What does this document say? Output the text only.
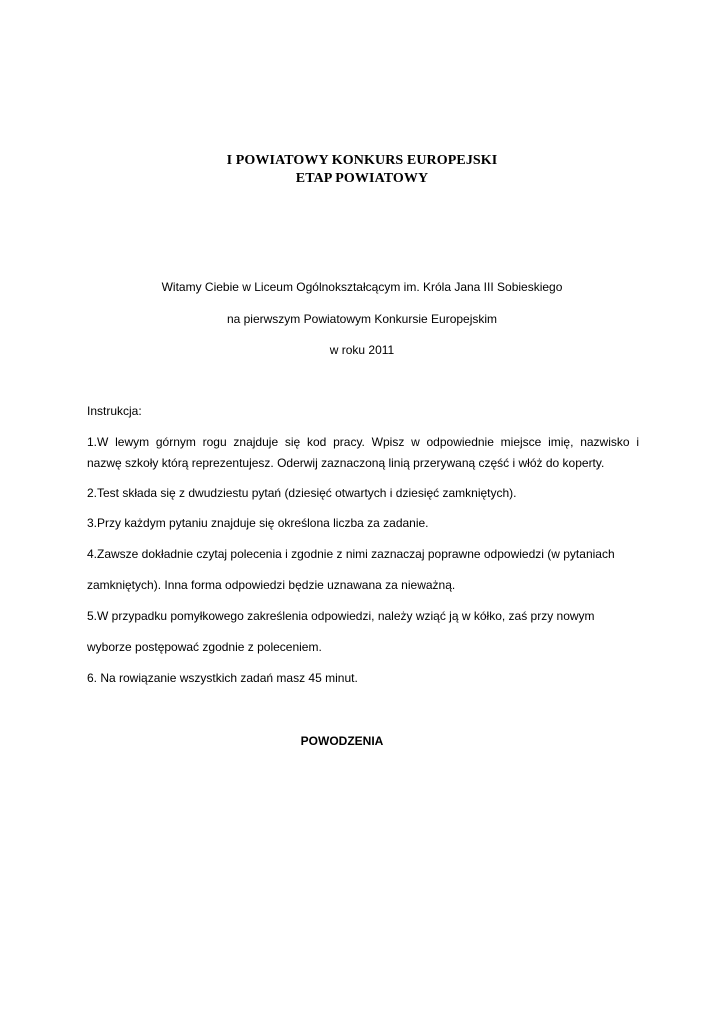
I POWIATOWY KONKURS EUROPEJSKI
ETAP POWIATOWY
Witamy Ciebie w Liceum Ogólnokształcącym im. Króla Jana III Sobieskiego
na pierwszym Powiatowym Konkursie Europejskim
w roku 2011
Instrukcja:
1.W lewym górnym rogu znajduje się kod pracy. Wpisz w odpowiednie miejsce imię, nazwisko i
nazwę szkoły którą reprezentujesz. Oderwij zaznaczoną linią przerywaną część i włóż do koperty.
2.Test składa się z dwudziestu pytań (dziesięć otwartych i dziesięć zamkniętych).
3.Przy każdym pytaniu znajduje się określona liczba za zadanie.
4.Zawsze dokładnie czytaj polecenia i zgodnie z nimi zaznaczaj poprawne odpowiedzi (w pytaniach
zamkniętych). Inna forma odpowiedzi będzie uznawana za nieważną.
5.W przypadku pomyłkowego zakreślenia odpowiedzi, należy wziąć ją w kółko, zaś przy nowym
wyborze postępować zgodnie z poleceniem.
6. Na rowiązanie wszystkich zadań masz 45 minut.
POWODZENIA
